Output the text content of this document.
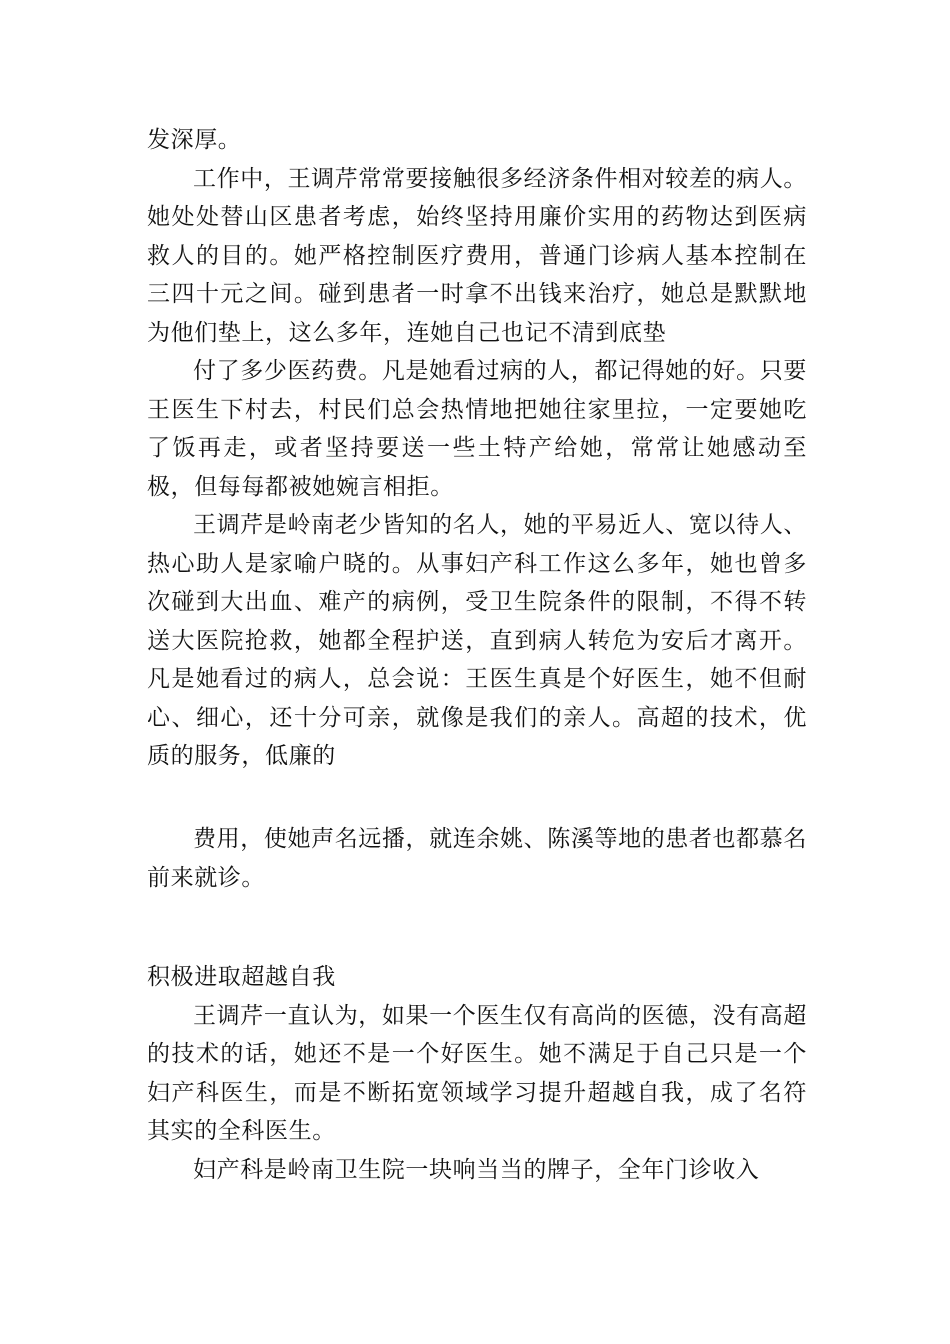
发深厚。

工作中，王调芹常常要接触很多经济条件相对较差的病人。她处处替山区患者考虑，始终坚持用廉价实用的药物达到医病救人的目的。她严格控制医疗费用，普通门诊病人基本控制在三四十元之间。碰到患者一时拿不出钱来治疗，她总是默默地为他们垫上，这么多年，连她自己也记不清到底垫

付了多少医药费。凡是她看过病的人，都记得她的好。只要王医生下村去，村民们总会热情地把她往家里拉，一定要她吃了饭再走，或者坚持要送一些土特产给她，常常让她感动至极，但每每都被她婉言相拒。

王调芹是岭南老少皆知的名人，她的平易近人、宽以待人、热心助人是家喻户晓的。从事妇产科工作这么多年，她也曾多次碰到大出血、难产的病例，受卫生院条件的限制，不得不转送大医院抢救，她都全程护送，直到病人转危为安后才离开。凡是她看过的病人，总会说：王医生真是个好医生，她不但耐心、细心，还十分可亲，就像是我们的亲人。高超的技术，优质的服务，低廉的

费用，使她声名远播，就连余姚、陈溪等地的患者也都慕名前来就诊。

积极进取超越自我

王调芹一直认为，如果一个医生仅有高尚的医德，没有高超的技术的话，她还不是一个好医生。她不满足于自己只是一个妇产科医生，而是不断拓宽领域学习提升超越自我，成了名符其实的全科医生。

妇产科是岭南卫生院一块响当当的牌子，全年门诊收入
